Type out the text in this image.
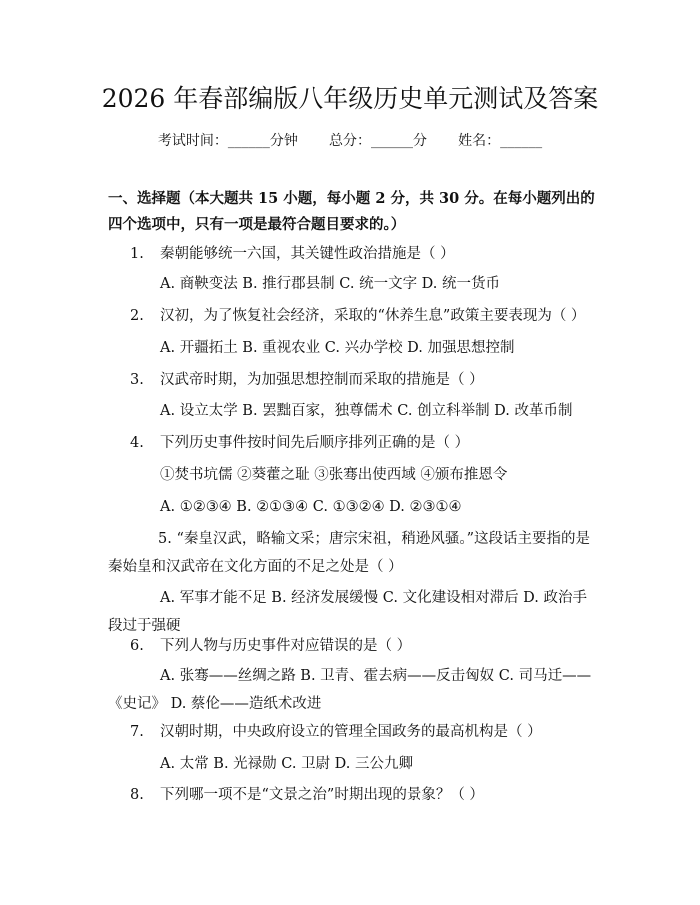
2026 年春部编版八年级历史单元测试及答案
考试时间：______分钟 总分：______分 姓名：______
一、选择题（本大题共 15 小题，每小题 2 分，共 30 分。在每小题列出的四个选项中，只有一项是最符合题目要求的。）
1. 秦朝能够统一六国，其关键性政治措施是（ ）
A. 商鞅变法 B. 推行郡县制 C. 统一文字 D. 统一货币
2. 汉初，为了恢复社会经济，采取的“休养生息”政策主要表现为（ ）
A. 开疆拓土 B. 重视农业 C. 兴办学校 D. 加强思想控制
3. 汉武帝时期，为加强思想控制而采取的措施是（ ）
A. 设立太学 B. 罢黜百家，独尊儒术 C. 创立科举制 D. 改革币制
4. 下列历史事件按时间先后顺序排列正确的是（ ）
①焚书坑儒 ②葵藿之耻 ③张骞出使西域 ④颁布推恩令
A. ①②③④ B. ②①③④ C. ①③②④ D. ②③①④
5. “秦皇汉武，略输文采；唐宗宋祖，稍逊风骚。”这段话主要指的是秦始皇和汉武帝在文化方面的不足之处是（ ）
A. 军事才能不足 B. 经济发展缓慢 C. 文化建设相对滞后 D. 政治手段过于强硬
6. 下列人物与历史事件对应错误的是（ ）
A. 张骞——丝绸之路 B. 卫青、霍去病——反击匈奴 C. 司马迁——《史记》 D. 蔡伦——造纸术改进
7. 汉朝时期，中央政府设立的管理全国政务的最高机构是（ ）
A. 太常 B. 光禄勋 C. 卫尉 D. 三公九卿
8. 下列哪一项不是“文景之治”时期出现的景象？（ ）
